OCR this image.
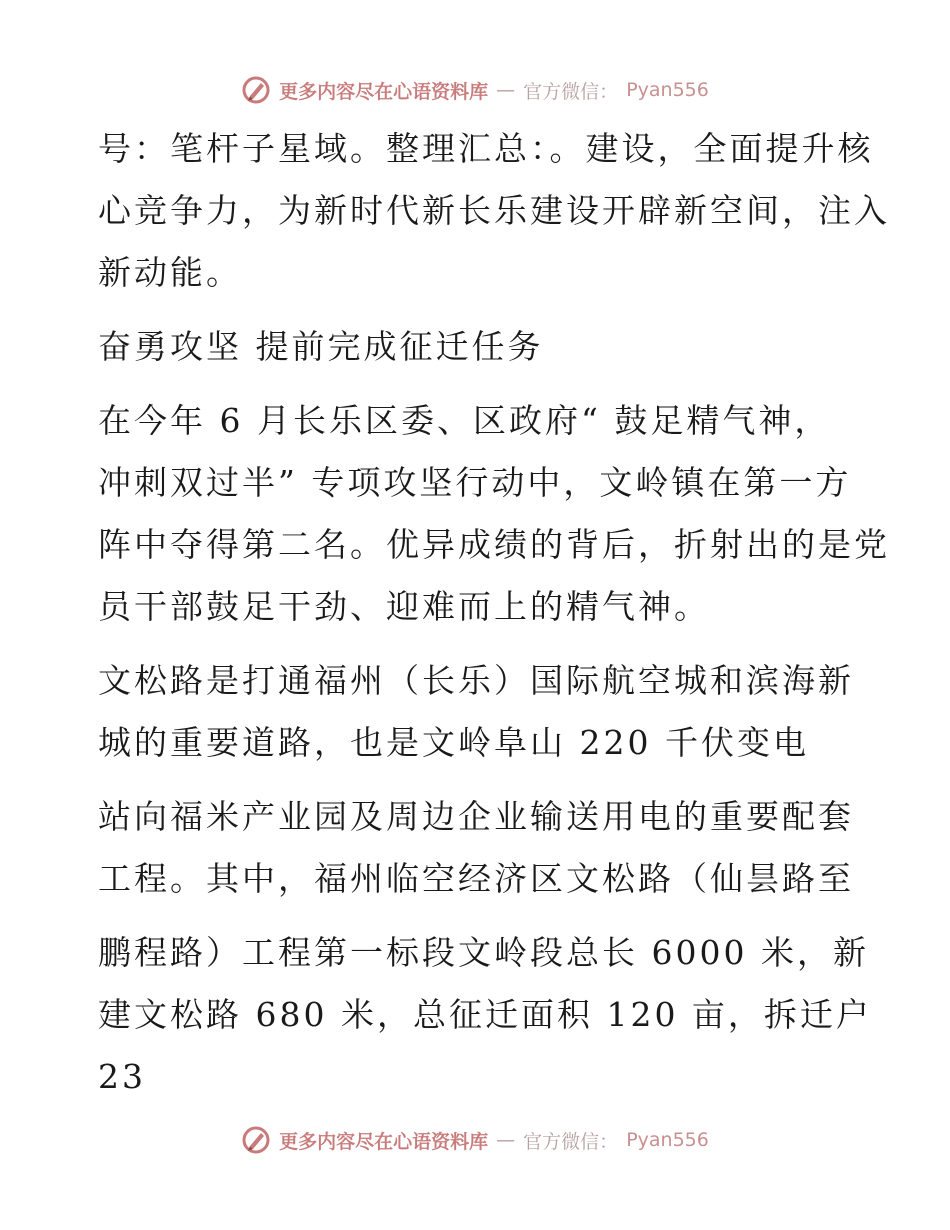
更多内容尽在心语资料库 — 官方微信： Pyan556

号：笔杆子星域。整理汇总：。建设，全面提升核

心竞争力，为新时代新长乐建设开辟新空间，注入

新动能。

奋勇攻坚 提前完成征迁任务

在今年 6 月长乐区委、区政府“ 鼓足精气神，

冲刺双过半” 专项攻坚行动中，文岭镇在第一方

阵中夺得第二名。优异成绩的背后，折射出的是党

员干部鼓足干劲、迎难而上的精气神。

文松路是打通福州（长乐）国际航空城和滨海新

城的重要道路，也是文岭阜山 220 千伏变电

站向福米产业园及周边企业输送用电的重要配套

工程。其中，福州临空经济区文松路（仙昙路至

鹏程路）工程第一标段文岭段总长 6000 米，新

建文松路 680 米，总征迁面积 120 亩，拆迁户

23

更多内容尽在心语资料库 — 官方微信： Pyan556
